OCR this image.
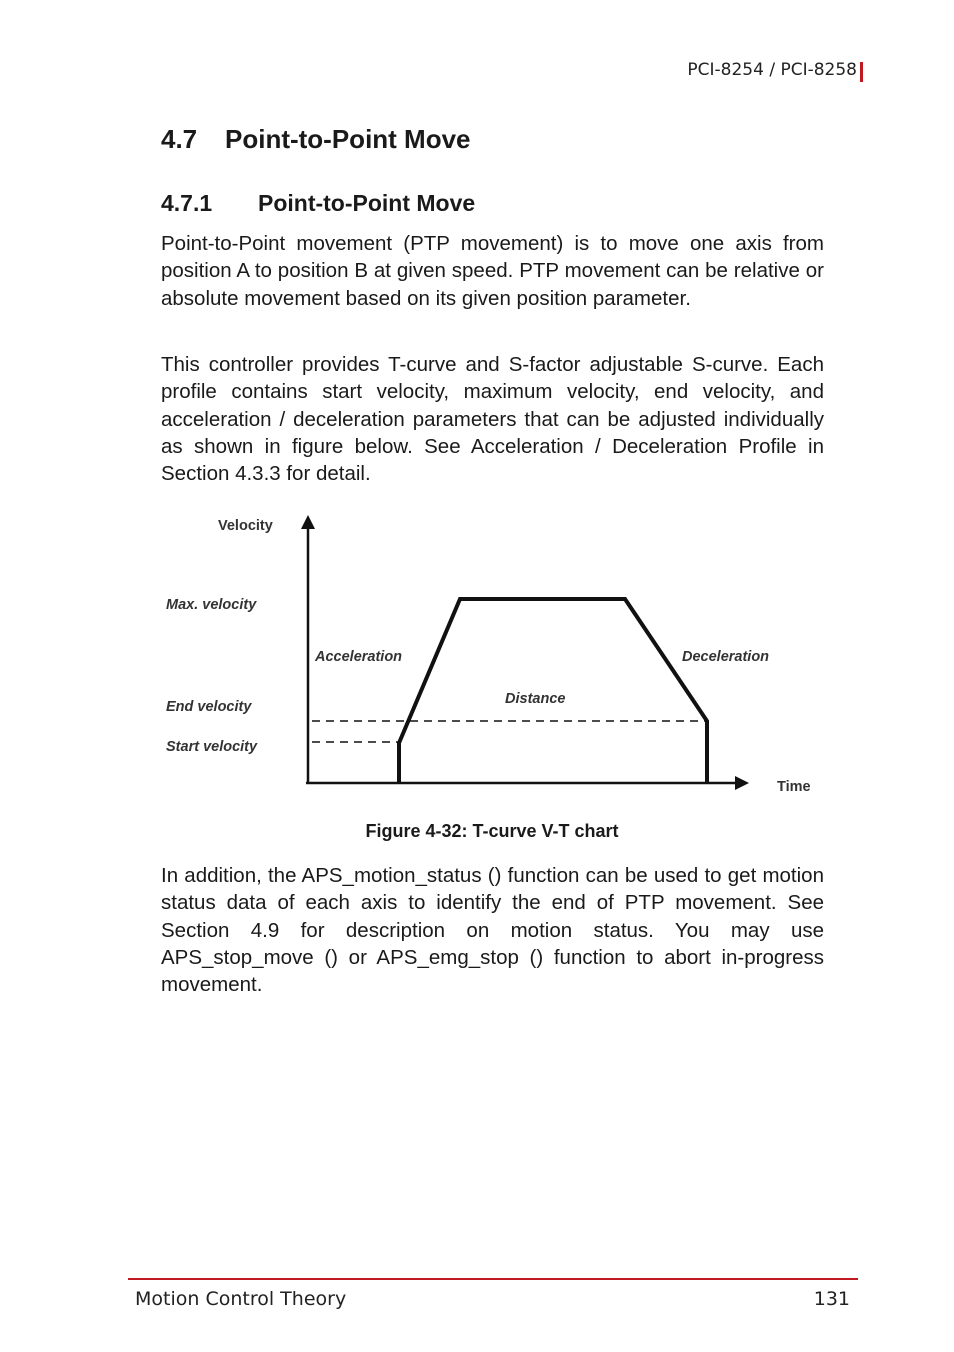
PCI-8254 / PCI-8258
4.7 Point-to-Point Move
4.7.1 Point-to-Point Move

Point-to-Point movement (PTP movement) is to move one axis from position A to position B at given speed. PTP movement can be relative or absolute movement based on its given position parameter.

This controller provides T-curve and S-factor adjustable S-curve. Each profile contains start velocity, maximum velocity, end velocity, and acceleration / deceleration parameters that can be adjusted individually as shown in figure below. See Acceleration / Deceleration Profile in Section 4.3.3 for detail.

Velocity
Max. velocity
End velocity
Start velocity
Acceleration	Deceleration
Distance
Time
Figure 4-32: T-curve V-T chart

In addition, the APS_motion_status () function can be used to get motion status data of each axis to identify the end of PTP movement. See Section 4.9 for description on motion status. You may use APS_stop_move () or APS_emg_stop () function to abort in-progress movement.

Motion Control Theory	131
